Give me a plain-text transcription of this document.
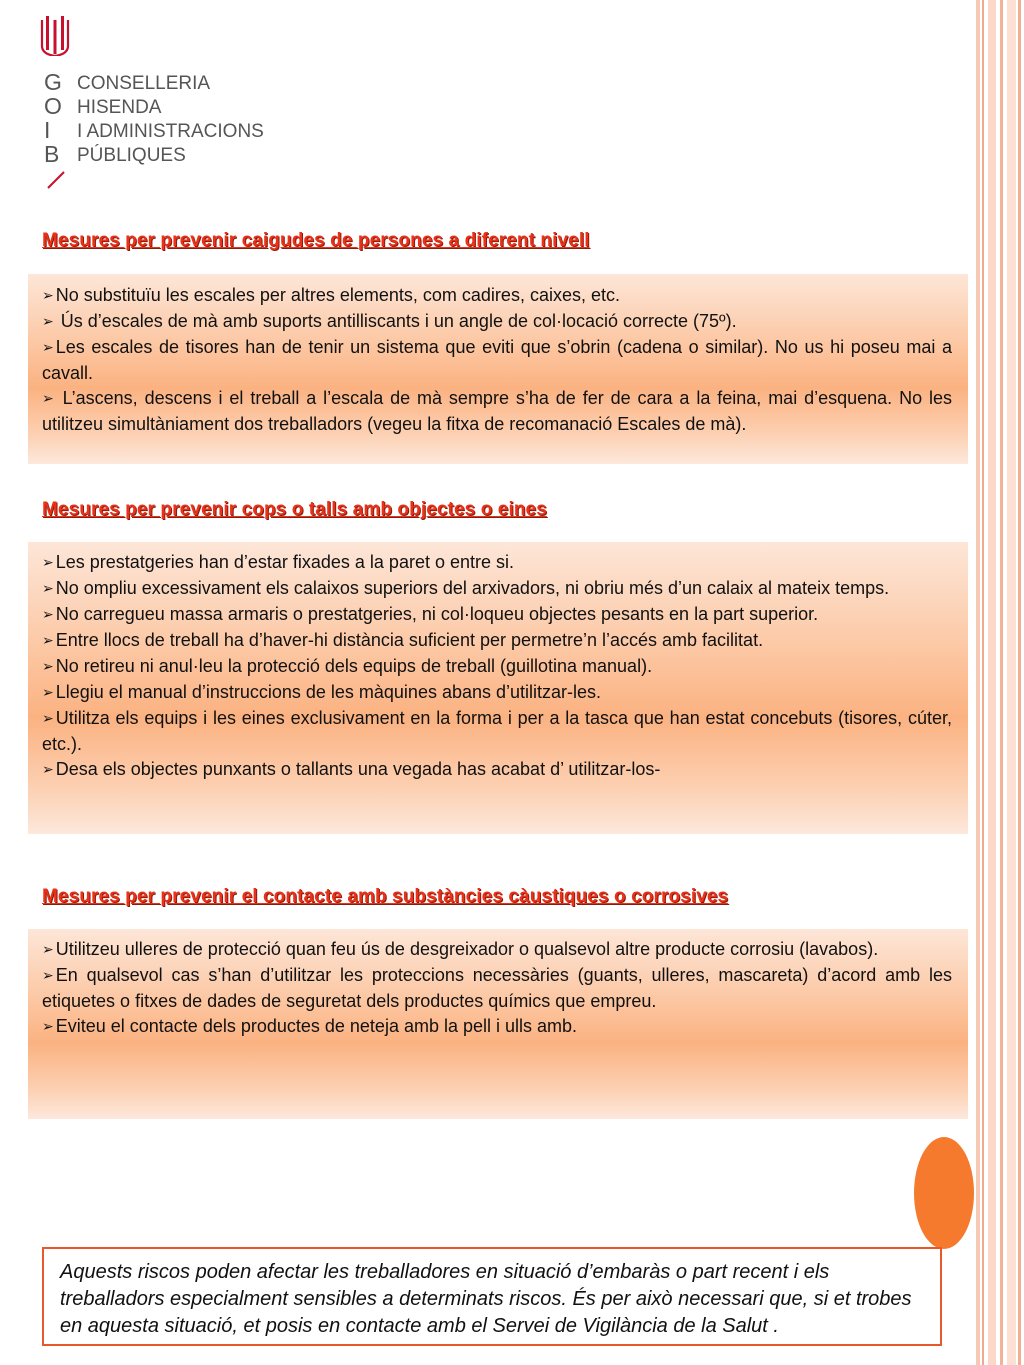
G
O
I
B
CONSELLERIA
HISENDA
I ADMINISTRACIONS
PÚBLIQUES
Mesures per prevenir caigudes de persones a diferent nivell
➢ No substituïu les escales per altres elements, com cadires, caixes, etc.
➢ Ús d’escales de mà amb suports antilliscants i un angle de col·locació correcte (75º).
➢ Les escales de tisores han de tenir un sistema que eviti que s’obrin (cadena o similar). No us hi poseu mai a cavall.
➢ L’ascens, descens i el treball a l’escala de mà sempre s’ha de fer de cara a la feina, mai d’esquena. No les utilitzeu simultàniament dos treballadors (vegeu la fitxa de recomanació Escales de mà).
Mesures per prevenir cops o talls amb objectes o eines
➢ Les prestatgeries han d’estar fixades a la paret o entre si.
➢ No ompliu excessivament els calaixos superiors del arxivadors, ni obriu més d’un calaix al mateix temps.
➢ No carregueu massa armaris o prestatgeries, ni col·loqueu objectes pesants en la part superior.
➢ Entre llocs de treball ha d’haver-hi distància suficient per permetre’n l’accés amb facilitat.
➢ No retireu ni anul·leu la protecció dels equips de treball (guillotina manual).
➢ Llegiu el manual d’instruccions de les màquines abans d’utilitzar-les.
➢ Utilitza els equips i les eines exclusivament en la forma i per a la tasca que han estat concebuts (tisores, cúter, etc.).
➢ Desa els objectes punxants o tallants una vegada has acabat d’ utilitzar-los-
Mesures per prevenir el contacte amb substàncies càustiques o corrosives
➢ Utilitzeu ulleres de protecció quan feu ús de desgreixador o qualsevol altre producte corrosiu (lavabos).
➢ En qualsevol cas s’han d’utilitzar les proteccions necessàries (guants, ulleres, mascareta) d’acord amb les etiquetes o fitxes de dades de seguretat dels productes químics que empreu.
➢ Eviteu el contacte dels productes de neteja amb la pell i ulls amb.
Aquests riscos poden afectar les treballadores en situació d’embaràs o part recent i els treballadors especialment sensibles a determinats riscos. És per això necessari que, si et trobes en aquesta situació, et posis en contacte amb el Servei de Vigilància de la Salut .
